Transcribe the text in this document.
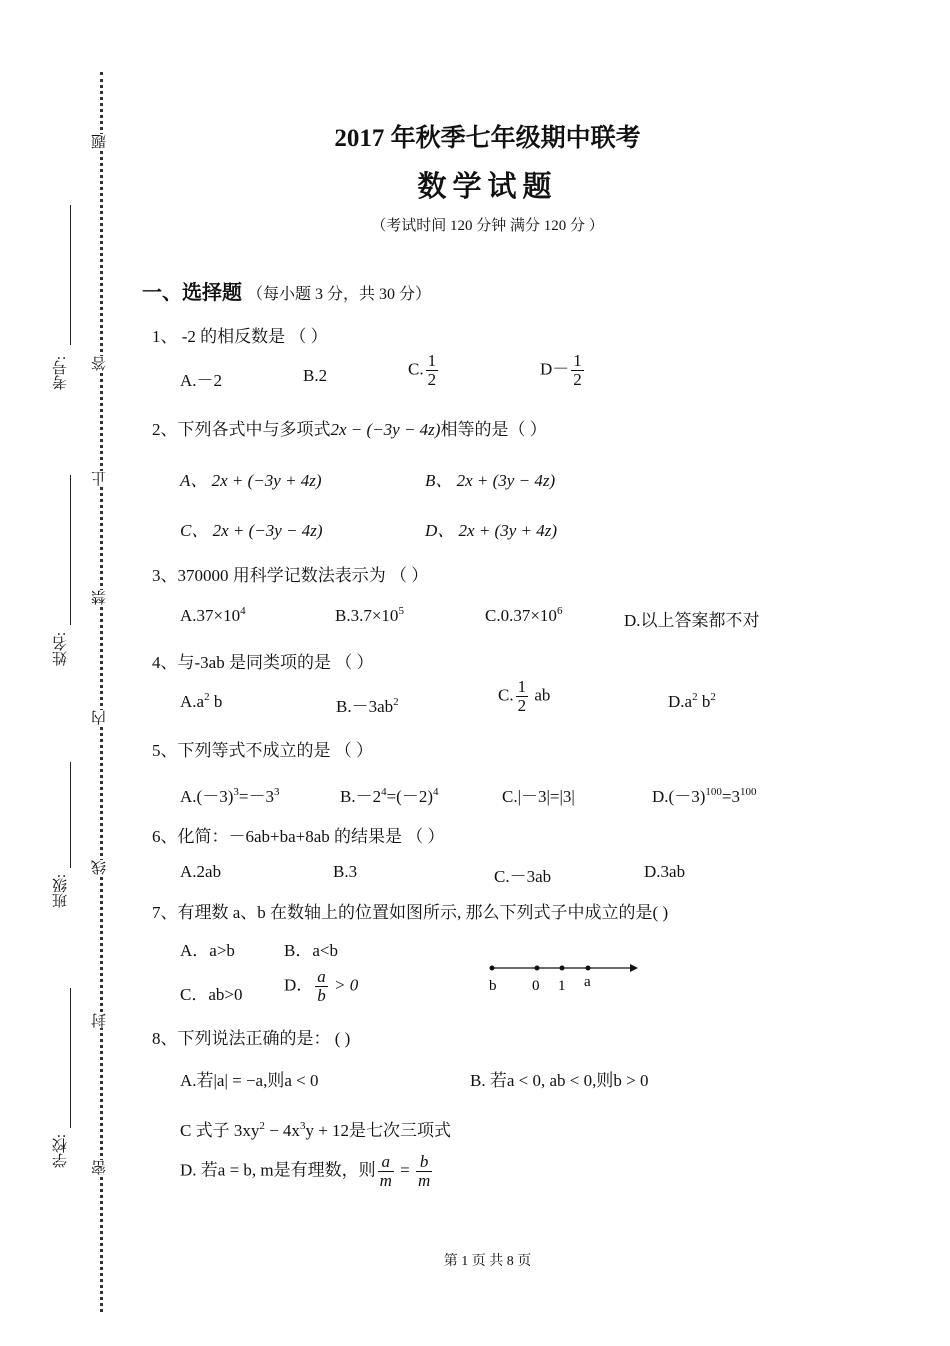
题
答
止
禁
内
线
封
密
考号:
姓名:
班级:
学校:
2017 年秋季七年级期中联考
数学试题
（考试时间 120 分钟 满分 120 分 ）
一、选择题 （每小题 3 分，共 30 分）
1、 -2 的相反数是 （ ）
A.－2	B.2	C. $\frac{1}{2}$	$D- \frac{1}{2}$
2、下列各式中与多项式2x − (−3y − 4z)相等的是（ ）
A、 2x + (−3y + 4z)	B、 2x + (3y − 4z)
C、 2x + (−3y − 4z)	D、 2x + (3y + 4z)
3、370000 用科学记数法表示为 （ ）
$A.37\times 10^4$	$B.3.7\times 10^5$	$C.0.37\times 10^6$	D.以上答案都不对
4、与-3ab 是同类项的是 （ ）
$A.a^2$ b	$B.-3ab^2$	C. $\frac{1}{2}$ ab	$D.a^2$ $b^2$
5、下列等式不成立的是 （ ）
$A.(-3)^3=-3^3$	$B.-2^4=(-2)^4$	C.|－3|=|3|	$D.(-3)^{100}=3^{100}$
6、化简：－6ab+ba+8ab 的结果是 （ ）
A.2ab	B.3	C.－3ab	D.3ab
7、有理数 a、b 在数轴上的位置如图所示, 那么下列式子中成立的是( )
A．a>b	B．a<b
C．ab>0
D． $\frac{a}{b} > 0$	b 0 1 a
8、下列说法正确的是： ( )
A.若|a| = −a,则a < 0	B. 若a < 0, ab < 0,则b > 0
C 式子 $3xy^2 - 4x^3y + 12$是七次三项式
D. 若a = b, m是有理数，则 $\frac{a}{m} = \frac{b}{m}$
第 1 页 共 8 页
